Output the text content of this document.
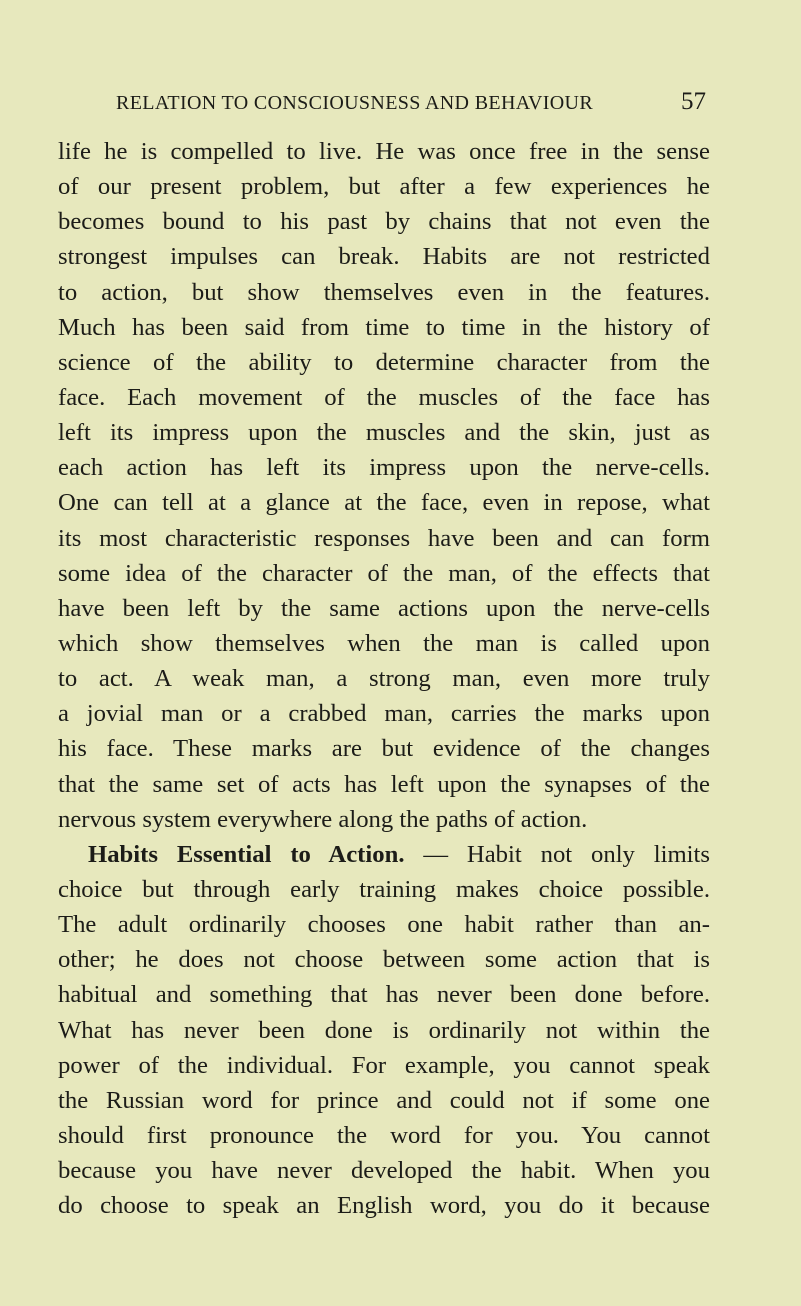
RELATION TO CONSCIOUSNESS AND BEHAVIOUR	57
life he is compelled to live. He was once free in the sense
of our present problem, but after a few experiences he
becomes bound to his past by chains that not even the
strongest impulses can break. Habits are not restricted
to action, but show themselves even in the features.
Much has been said from time to time in the history of
science of the ability to determine character from the
face. Each movement of the muscles of the face has
left its impress upon the muscles and the skin, just as
each action has left its impress upon the nerve-cells.
One can tell at a glance at the face, even in repose, what
its most characteristic responses have been and can form
some idea of the character of the man, of the effects that
have been left by the same actions upon the nerve-cells
which show themselves when the man is called upon
to act. A weak man, a strong man, even more truly
a jovial man or a crabbed man, carries the marks upon
his face. These marks are but evidence of the changes
that the same set of acts has left upon the synapses of the
nervous system everywhere along the paths of action.
Habits Essential to Action. — Habit not only limits
choice but through early training makes choice possible.
The adult ordinarily chooses one habit rather than an-
other; he does not choose between some action that is
habitual and something that has never been done before.
What has never been done is ordinarily not within the
power of the individual. For example, you cannot speak
the Russian word for prince and could not if some one
should first pronounce the word for you. You cannot
because you have never developed the habit. When you
do choose to speak an English word, you do it because
